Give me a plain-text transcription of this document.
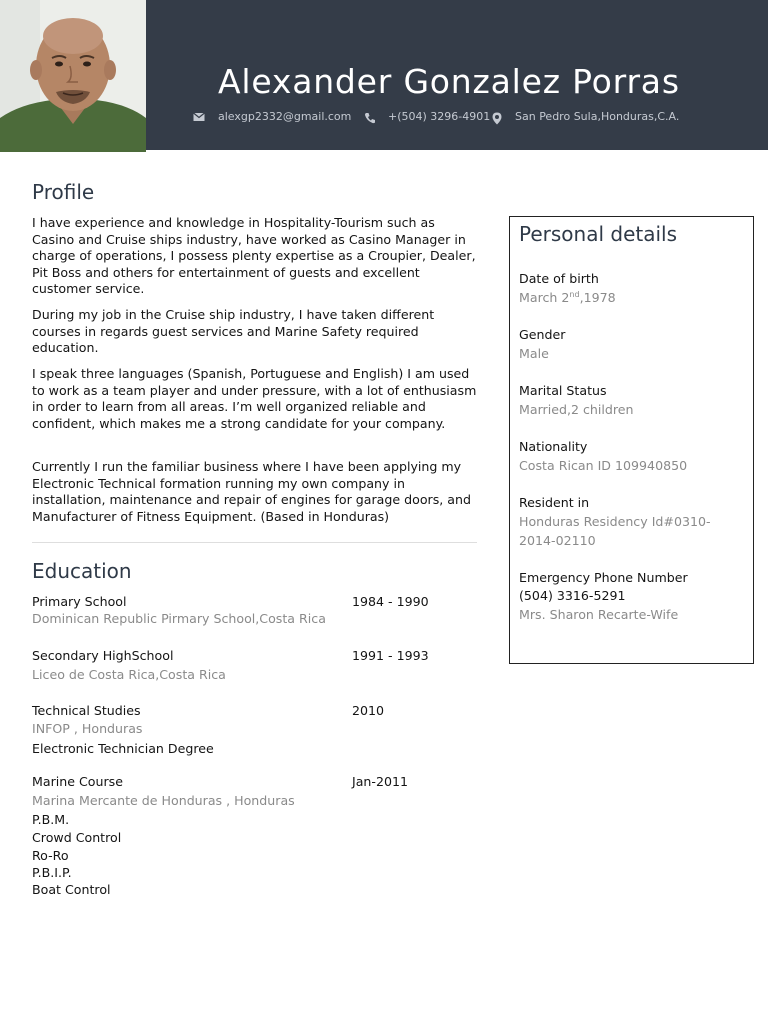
Alexander Gonzalez Porras
alexgp2332@gmail.com	+(504) 3296-4901 San Pedro Sula,Honduras,C.A.
Profile
I have experience and knowledge in Hospitality-Tourism such as Casino and Cruise ships industry, have worked as Casino Manager in charge of operations, I possess plenty expertise as a Croupier, Dealer, Pit Boss and others for entertainment of guests and excellent customer service.
During my job in the Cruise ship industry, I have taken different courses in regards guest services and Marine Safety required education.
I speak three languages (Spanish, Portuguese and English) I am used to work as a team player and under pressure, with a lot of enthusiasm in order to learn from all areas. I’m well organized reliable and confident, which makes me a strong candidate for your company.
Currently I run the familiar business where I have been applying my Electronic Technical formation running my own company in installation, maintenance and repair of engines for garage doors, and Manufacturer of Fitness Equipment. (Based in Honduras)
Education
Primary School	1984 - 1990
Dominican Republic Pirmary School,Costa Rica
Secondary HighSchool	1991 - 1993
Liceo de Costa Rica,Costa Rica
Technical Studies	2010
INFOP , Honduras
Electronic Technician Degree
Marine Course	Jan-2011
Marina Mercante de Honduras , Honduras
P.B.M.
Crowd Control
Ro-Ro
P.B.I.P.
Boat Control
Personal details
Date of birth
March 2nd,1978
Gender
Male
Marital Status
Married,2 children
Nationality
Costa Rican ID 109940850
Resident in
Honduras Residency Id#0310-
2014-02110
Emergency Phone Number
(504) 3316-5291
Mrs. Sharon Recarte-Wife
